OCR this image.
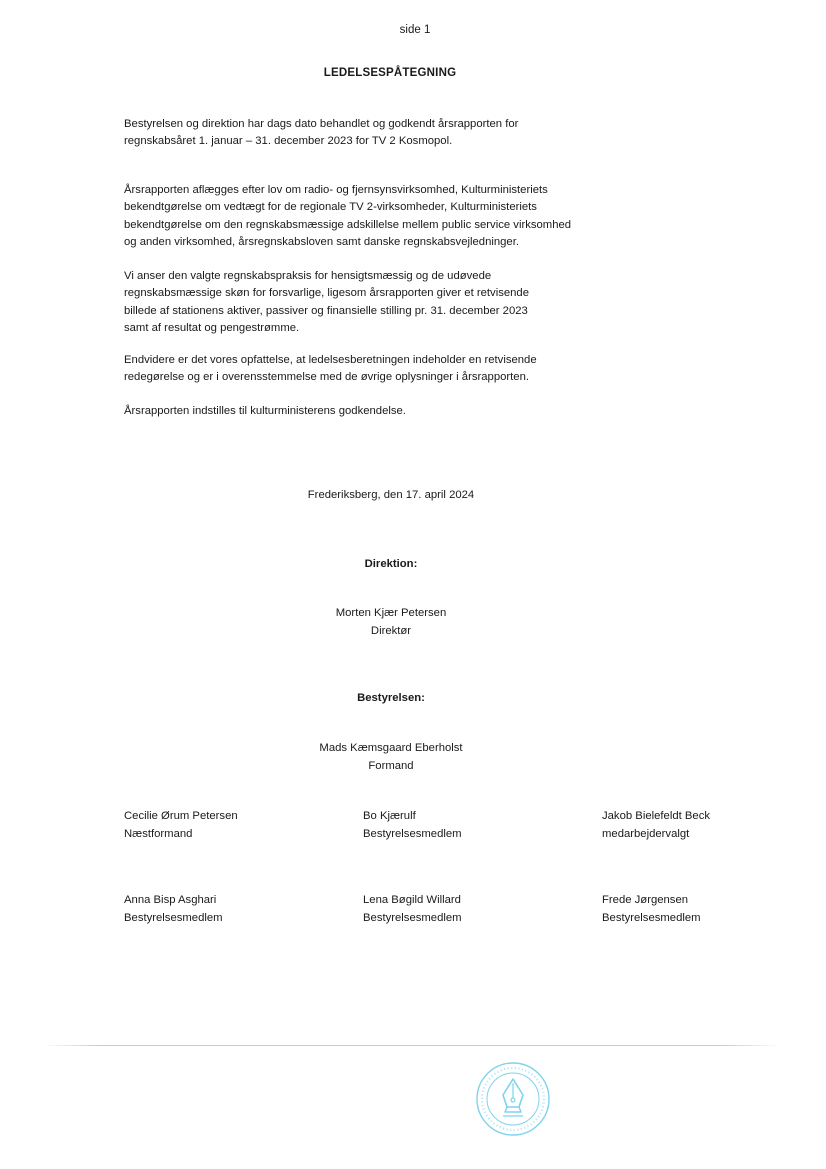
side 1
LEDELSESPÅTEGNING
Bestyrelsen og direktion har dags dato behandlet og godkendt årsrapporten for
regnskabsåret 1. januar – 31. december 2023 for TV 2 Kosmopol.
Årsrapporten aflægges efter lov om radio- og fjernsynsvirksomhed, Kulturministeriets
bekendtgørelse om vedtægt for de regionale TV 2-virksomheder, Kulturministeriets
bekendtgørelse om den regnskabsmæssige adskillelse mellem public service virksomhed
og anden virksomhed, årsregnskabsloven samt danske regnskabsvejledninger.
Vi anser den valgte regnskabspraksis for hensigtsmæssig og de udøvede
regnskabsmæssige skøn for forsvarlige, ligesom årsrapporten giver et retvisende
billede af stationens aktiver, passiver og finansielle stilling pr. 31. december 2023
samt af resultat og pengestrømme.
Endvidere er det vores opfattelse, at ledelsesberetningen indeholder en retvisende
redegørelse og er i overensstemmelse med de øvrige oplysninger i årsrapporten.
Årsrapporten indstilles til kulturministerens godkendelse.
Frederiksberg, den 17. april 2024
Direktion:
Morten Kjær Petersen
Direktør
Bestyrelsen:
Mads Kæmsgaard Eberholst
Formand
Cecilie Ørum Petersen
Næstformand
Bo Kjærulf
Bestyrelsesmedlem
Jakob Bielefeldt Beck
medarbejdervalgt
Anna Bisp Asghari
Bestyrelsesmedlem
Lena Bøgild Willard
Bestyrelsesmedlem
Frede Jørgensen
Bestyrelsesmedlem
